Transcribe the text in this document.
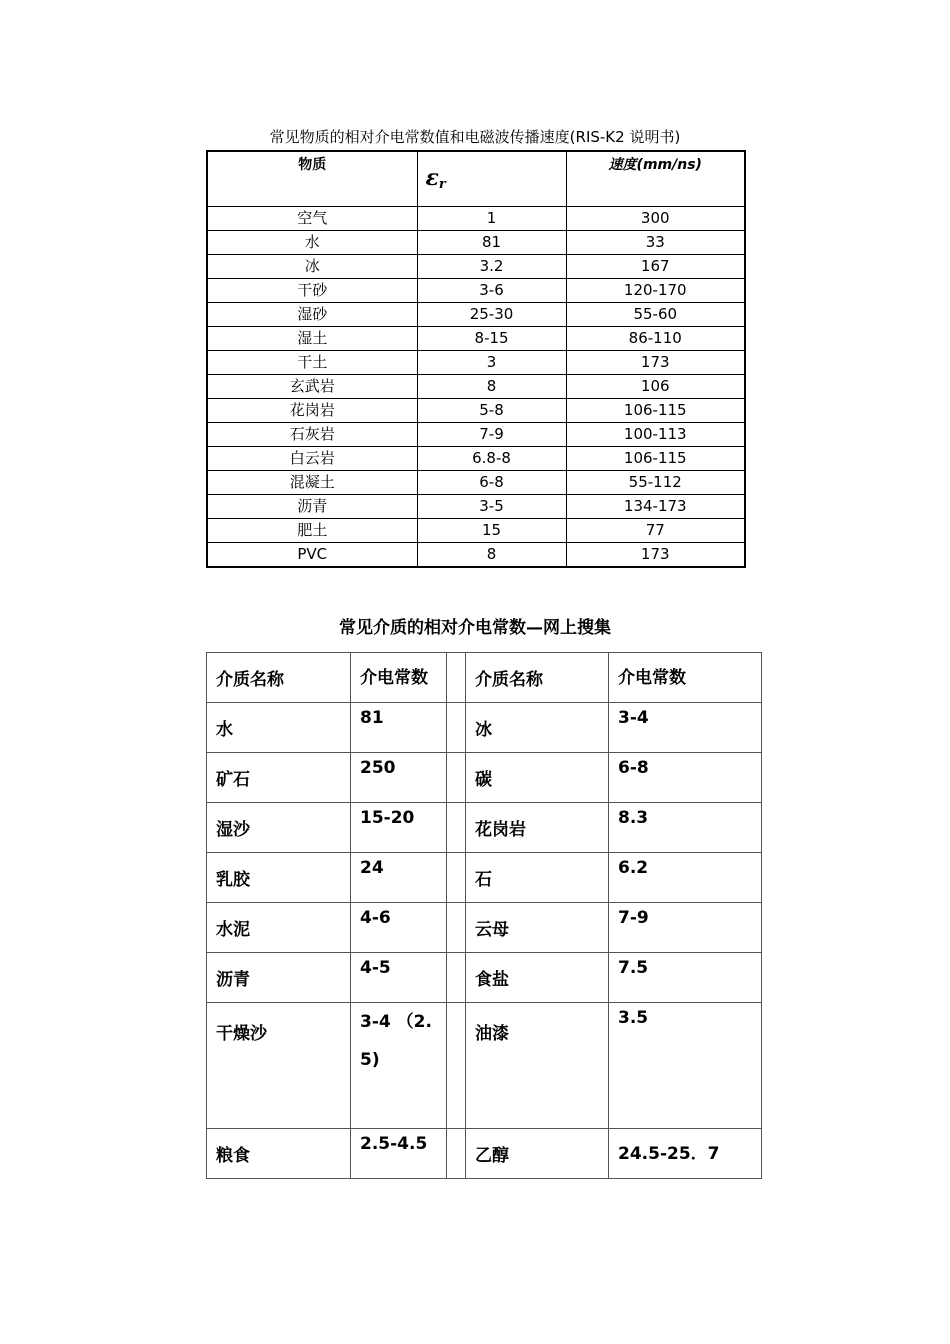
常见物质的相对介电常数值和电磁波传播速度(RIS-K2 说明书)
物质	εr	速度(mm/ns)
空气	1	300
水	81	33
冰	3.2	167
干砂	3-6	120-170
湿砂	25-30	55-60
湿土	8-15	86-110
干土	3	173
玄武岩	8	106
花岗岩	5-8	106-115
石灰岩	7-9	100-113
白云岩	6.8-8	106-115
混凝土	6-8	55-112
沥青	3-5	134-173
肥土	15	77
PVC	8	173
常见介质的相对介电常数—网上搜集
介质名称	介电常数		介质名称	介电常数
水	81		冰	3-4
矿石	250		碳	6-8
湿沙	15-20		花岗岩	8.3
乳胶	24		石	6.2
水泥	4-6		云母	7-9
沥青	4-5		食盐	7.5
干燥沙	3-4 （2.5)		油漆	3.5
粮食	2.5-4.5		乙醇	24.5-25．7
